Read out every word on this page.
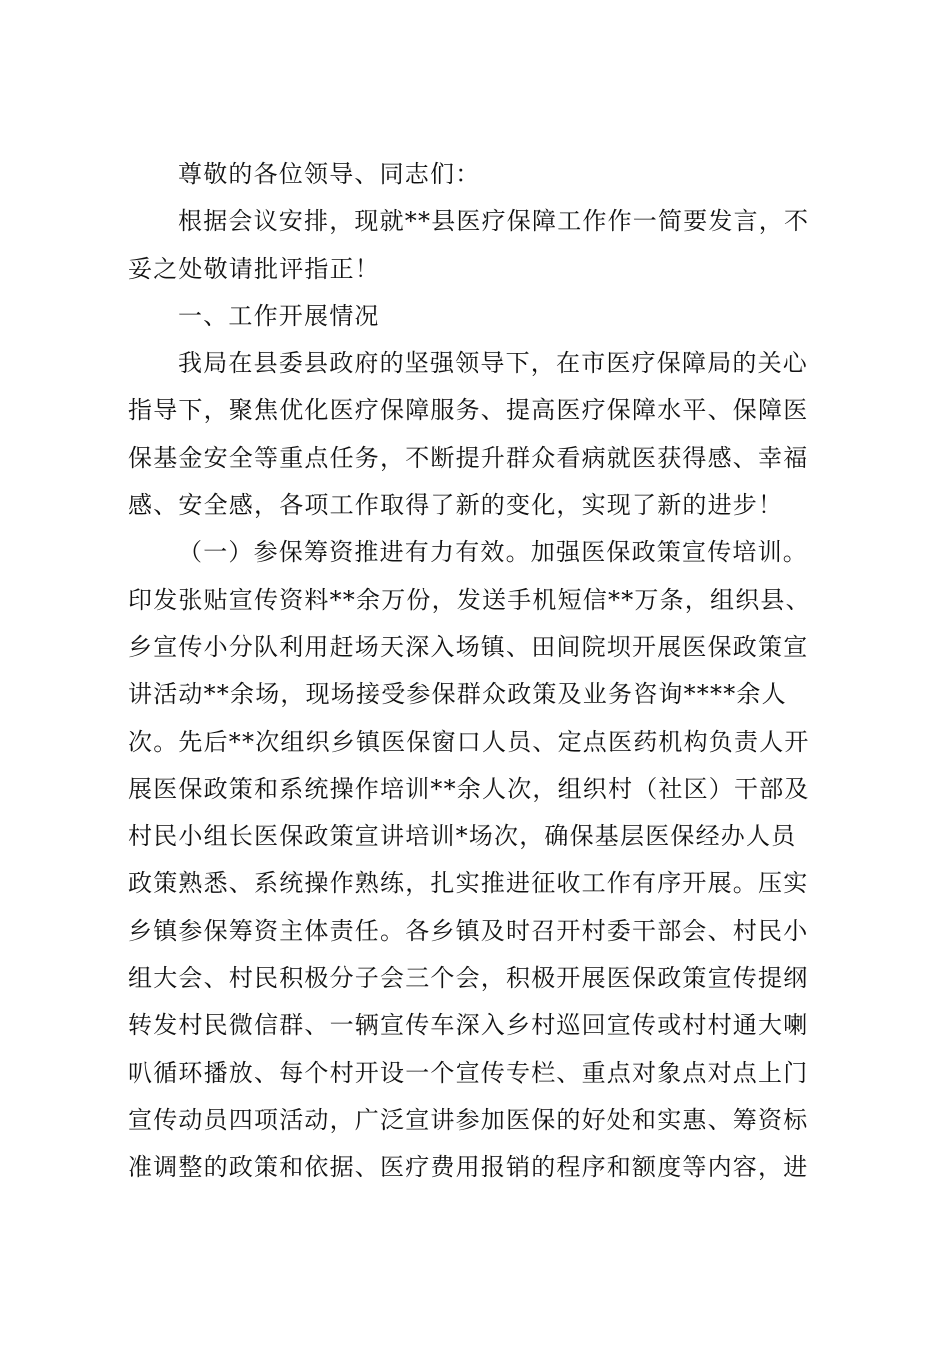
尊敬的各位领导、同志们：
根据会议安排，现就**县医疗保障工作作一简要发言，不
妥之处敬请批评指正！
一、工作开展情况
我局在县委县政府的坚强领导下，在市医疗保障局的关心
指导下，聚焦优化医疗保障服务、提高医疗保障水平、保障医
保基金安全等重点任务，不断提升群众看病就医获得感、幸福
感、安全感，各项工作取得了新的变化，实现了新的进步！
（一）参保筹资推进有力有效。加强医保政策宣传培训。
印发张贴宣传资料**余万份，发送手机短信**万条，组织县、
乡宣传小分队利用赶场天深入场镇、田间院坝开展医保政策宣
讲活动**余场，现场接受参保群众政策及业务咨询****余人
次。先后**次组织乡镇医保窗口人员、定点医药机构负责人开
展医保政策和系统操作培训**余人次，组织村（社区）干部及
村民小组长医保政策宣讲培训*场次，确保基层医保经办人员
政策熟悉、系统操作熟练，扎实推进征收工作有序开展。压实
乡镇参保筹资主体责任。各乡镇及时召开村委干部会、村民小
组大会、村民积极分子会三个会，积极开展医保政策宣传提纲
转发村民微信群、一辆宣传车深入乡村巡回宣传或村村通大喇
叭循环播放、每个村开设一个宣传专栏、重点对象点对点上门
宣传动员四项活动，广泛宣讲参加医保的好处和实惠、筹资标
准调整的政策和依据、医疗费用报销的程序和额度等内容，进
